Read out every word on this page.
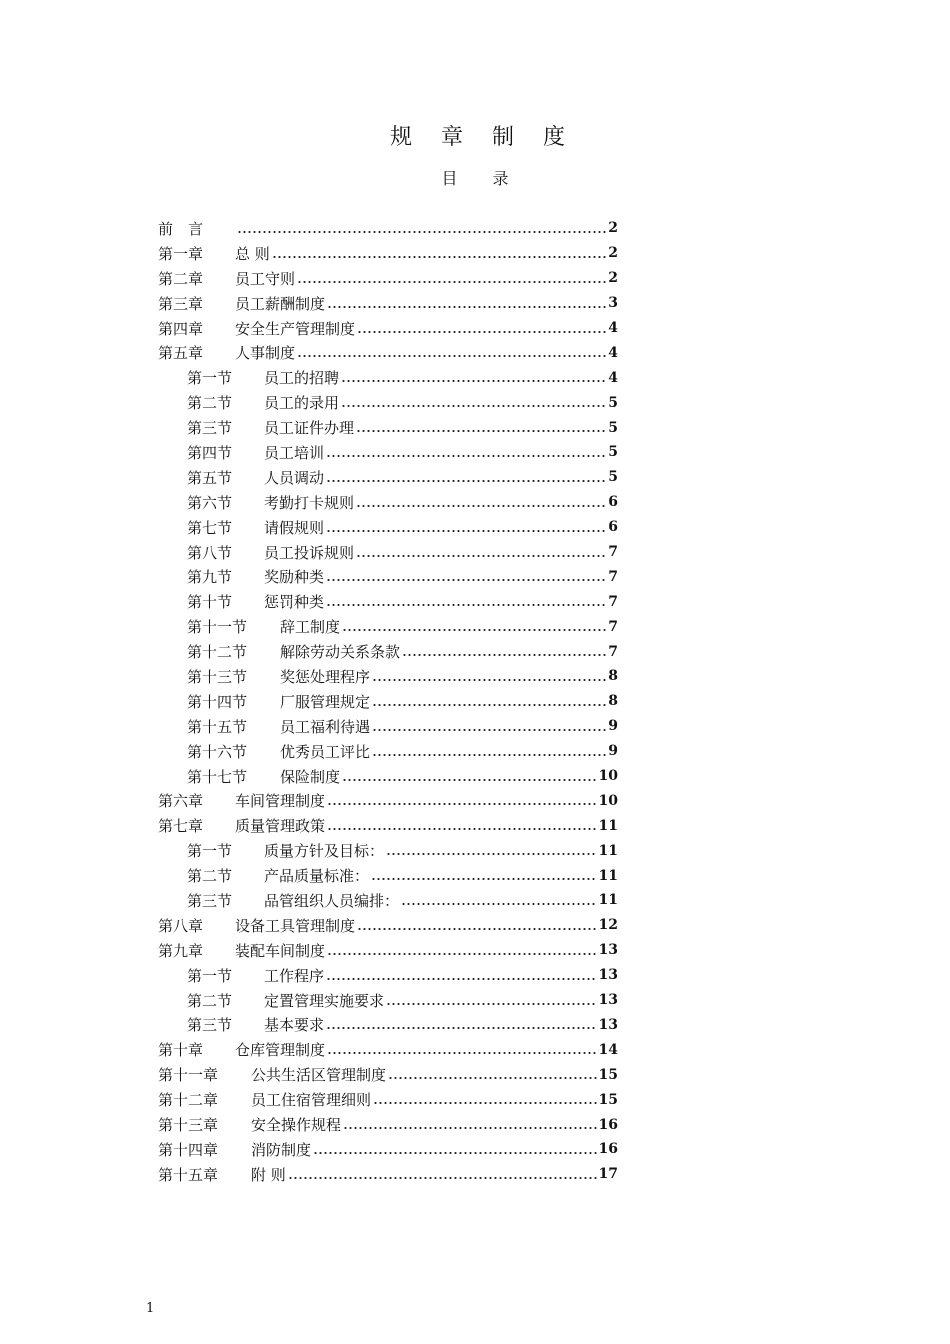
规 章 制 度
目 录
前　言	2
第一章	总 则	2
第二章	员工守则	2
第三章	员工薪酬制度	3
第四章	安全生产管理制度	4
第五章	人事制度	4
第一节	员工的招聘	4
第二节	员工的录用	5
第三节	员工证件办理	5
第四节	员工培训	5
第五节	人员调动	5
第六节	考勤打卡规则	6
第七节	请假规则	6
第八节	员工投诉规则	7
第九节	奖励种类	7
第十节	惩罚种类	7
第十一节	辞工制度	7
第十二节	解除劳动关系条款	7
第十三节	奖惩处理程序	8
第十四节	厂服管理规定	8
第十五节	员工福利待遇	9
第十六节	优秀员工评比	9
第十七节	保险制度	10
第六章	车间管理制度	10
第七章	质量管理政策	11
第一节	质量方针及目标：	11
第二节	产品质量标准：	11
第三节	品管组织人员编排：	11
第八章	设备工具管理制度	12
第九章	装配车间制度	13
第一节	工作程序	13
第二节	定置管理实施要求	13
第三节	基本要求	13
第十章	仓库管理制度	14
第十一章	公共生活区管理制度	15
第十二章	员工住宿管理细则	15
第十三章	安全操作规程	16
第十四章	消防制度	16
第十五章	附 则	17
1
